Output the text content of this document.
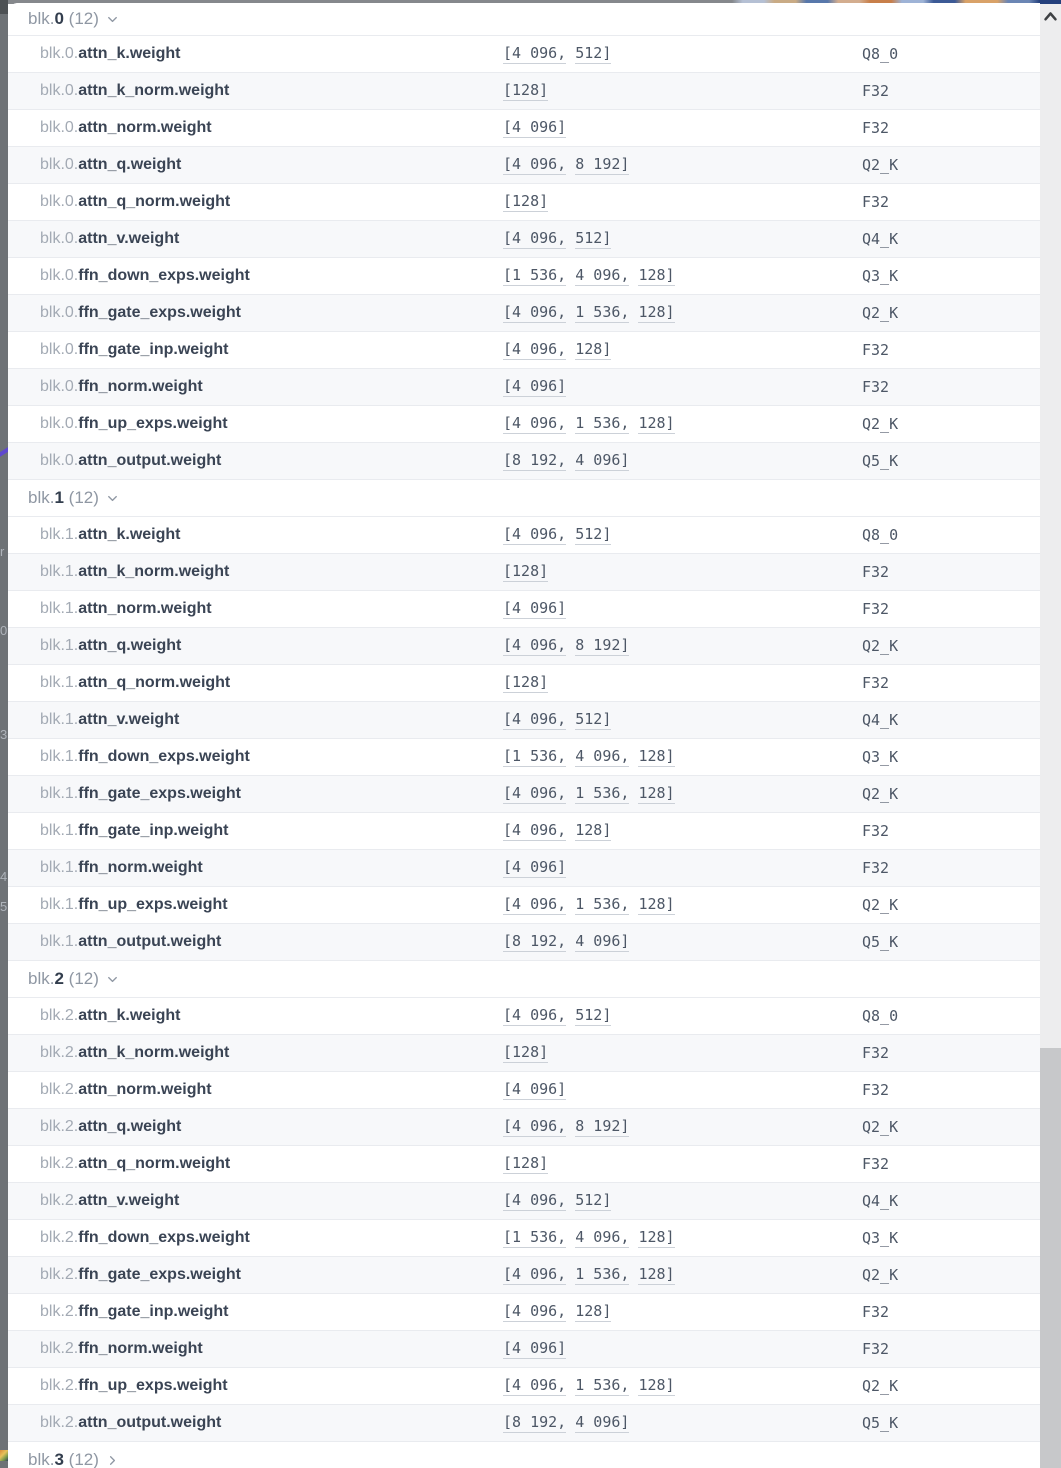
r
0
3
4
5
blk. 0 (12)
blk.0.attn_k.weight	[4 096, 512]	Q8_0
blk.0.attn_k_norm.weight	[128]	F32
blk.0.attn_norm.weight	[4 096]	F32
blk.0.attn_q.weight	[4 096, 8 192]	Q2_K
blk.0.attn_q_norm.weight	[128]	F32
blk.0.attn_v.weight	[4 096, 512]	Q4_K
blk.0.ffn_down_exps.weight	[1 536, 4 096, 128]	Q3_K
blk.0.ffn_gate_exps.weight	[4 096, 1 536, 128]	Q2_K
blk.0.ffn_gate_inp.weight	[4 096, 128]	F32
blk.0.ffn_norm.weight	[4 096]	F32
blk.0.ffn_up_exps.weight	[4 096, 1 536, 128]	Q2_K
blk.0.attn_output.weight	[8 192, 4 096]	Q5_K
blk. 1 (12)
blk.1.attn_k.weight	[4 096, 512]	Q8_0
blk.1.attn_k_norm.weight	[128]	F32
blk.1.attn_norm.weight	[4 096]	F32
blk.1.attn_q.weight	[4 096, 8 192]	Q2_K
blk.1.attn_q_norm.weight	[128]	F32
blk.1.attn_v.weight	[4 096, 512]	Q4_K
blk.1.ffn_down_exps.weight	[1 536, 4 096, 128]	Q3_K
blk.1.ffn_gate_exps.weight	[4 096, 1 536, 128]	Q2_K
blk.1.ffn_gate_inp.weight	[4 096, 128]	F32
blk.1.ffn_norm.weight	[4 096]	F32
blk.1.ffn_up_exps.weight	[4 096, 1 536, 128]	Q2_K
blk.1.attn_output.weight	[8 192, 4 096]	Q5_K
blk. 2 (12)
blk.2.attn_k.weight	[4 096, 512]	Q8_0
blk.2.attn_k_norm.weight	[128]	F32
blk.2.attn_norm.weight	[4 096]	F32
blk.2.attn_q.weight	[4 096, 8 192]	Q2_K
blk.2.attn_q_norm.weight	[128]	F32
blk.2.attn_v.weight	[4 096, 512]	Q4_K
blk.2.ffn_down_exps.weight	[1 536, 4 096, 128]	Q3_K
blk.2.ffn_gate_exps.weight	[4 096, 1 536, 128]	Q2_K
blk.2.ffn_gate_inp.weight	[4 096, 128]	F32
blk.2.ffn_norm.weight	[4 096]	F32
blk.2.ffn_up_exps.weight	[4 096, 1 536, 128]	Q2_K
blk.2.attn_output.weight	[8 192, 4 096]	Q5_K
blk. 3 (12)
